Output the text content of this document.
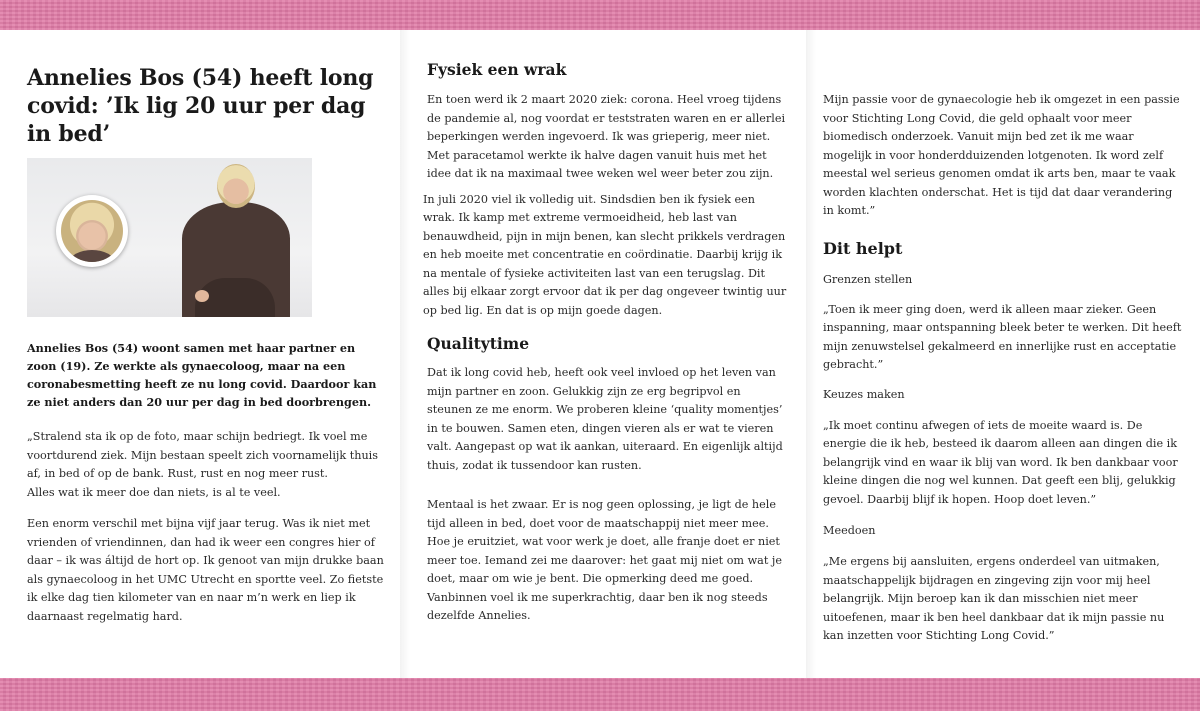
Annelies Bos (54) heeft long covid: ’Ik lig 20 uur per dag in bed’

Annelies Bos (54) woont samen met haar partner en zoon (19). Ze werkte als gynaecoloog, maar na een coronabesmetting heeft ze nu long covid. Daardoor kan ze niet anders dan 20 uur per dag in bed doorbrengen.

„Stralend sta ik op de foto, maar schijn bedriegt. Ik voel me voortdurend ziek. Mijn bestaan speelt zich voornamelijk thuis af, in bed of op de bank. Rust, rust en nog meer rust.

Alles wat ik meer doe dan niets, is al te veel.

Een enorm verschil met bijna vijf jaar terug. Was ik niet met vrienden of vriendinnen, dan had ik weer een congres hier of daar – ik was áltijd de hort op. Ik genoot van mijn drukke baan als gynaecoloog in het UMC Utrecht en sportte veel. Zo fietste ik elke dag tien kilometer van en naar m’n werk en liep ik daarnaast regelmatig hard.

Fysiek een wrak

En toen werd ik 2 maart 2020 ziek: corona. Heel vroeg tijdens de pandemie al, nog voordat er teststraten waren en er allerlei beperkingen werden ingevoerd. Ik was grieperig, meer niet. Met paracetamol werkte ik halve dagen vanuit huis met het idee dat ik na maximaal twee weken wel weer beter zou zijn.

In juli 2020 viel ik volledig uit. Sindsdien ben ik fysiek een wrak. Ik kamp met extreme vermoeidheid, heb last van benauwdheid, pijn in mijn benen, kan slecht prikkels verdragen en heb moeite met concentratie en coördinatie. Daarbij krijg ik na mentale of fysieke activiteiten last van een terugslag. Dit alles bij elkaar zorgt ervoor dat ik per dag ongeveer twintig uur op bed lig. En dat is op mijn goede dagen.

Qualitytime

Dat ik long covid heb, heeft ook veel invloed op het leven van mijn partner en zoon. Gelukkig zijn ze erg begripvol en steunen ze me enorm. We proberen kleine ‘quality momentjes’ in te bouwen. Samen eten, dingen vieren als er wat te vieren valt. Aangepast op wat ik aankan, uiteraard. En eigenlijk altijd thuis, zodat ik tussendoor kan rusten.

Mentaal is het zwaar. Er is nog geen oplossing, je ligt de hele tijd alleen in bed, doet voor de maatschappij niet meer mee. Hoe je eruitziet, wat voor werk je doet, alle franje doet er niet meer toe. Iemand zei me daarover: het gaat mij niet om wat je doet, maar om wie je bent. Die opmerking deed me goed. Vanbinnen voel ik me superkrachtig, daar ben ik nog steeds dezelfde Annelies.

Mijn passie voor de gynaecologie heb ik omgezet in een passie voor Stichting Long Covid, die geld ophaalt voor meer biomedisch onderzoek. Vanuit mijn bed zet ik me waar mogelijk in voor honderdduizenden lotgenoten. Ik word zelf meestal wel serieus genomen omdat ik arts ben, maar te vaak worden klachten onderschat. Het is tijd dat daar verandering in komt.”

Dit helpt

Grenzen stellen

„Toen ik meer ging doen, werd ik alleen maar zieker. Geen inspanning, maar ontspanning bleek beter te werken. Dit heeft mijn zenuwstelsel gekalmeerd en innerlijke rust en acceptatie gebracht.”

Keuzes maken

„Ik moet continu afwegen of iets de moeite waard is. De energie die ik heb, besteed ik daarom alleen aan dingen die ik belangrijk vind en waar ik blij van word. Ik ben dankbaar voor kleine dingen die nog wel kunnen. Dat geeft een blij, gelukkig gevoel. Daarbij blijf ik hopen. Hoop doet leven.”

Meedoen

„Me ergens bij aansluiten, ergens onderdeel van uitmaken, maatschappelijk bijdragen en zingeving zijn voor mij heel belangrijk. Mijn beroep kan ik dan misschien niet meer uitoefenen, maar ik ben heel dankbaar dat ik mijn passie nu kan inzetten voor Stichting Long Covid.”
